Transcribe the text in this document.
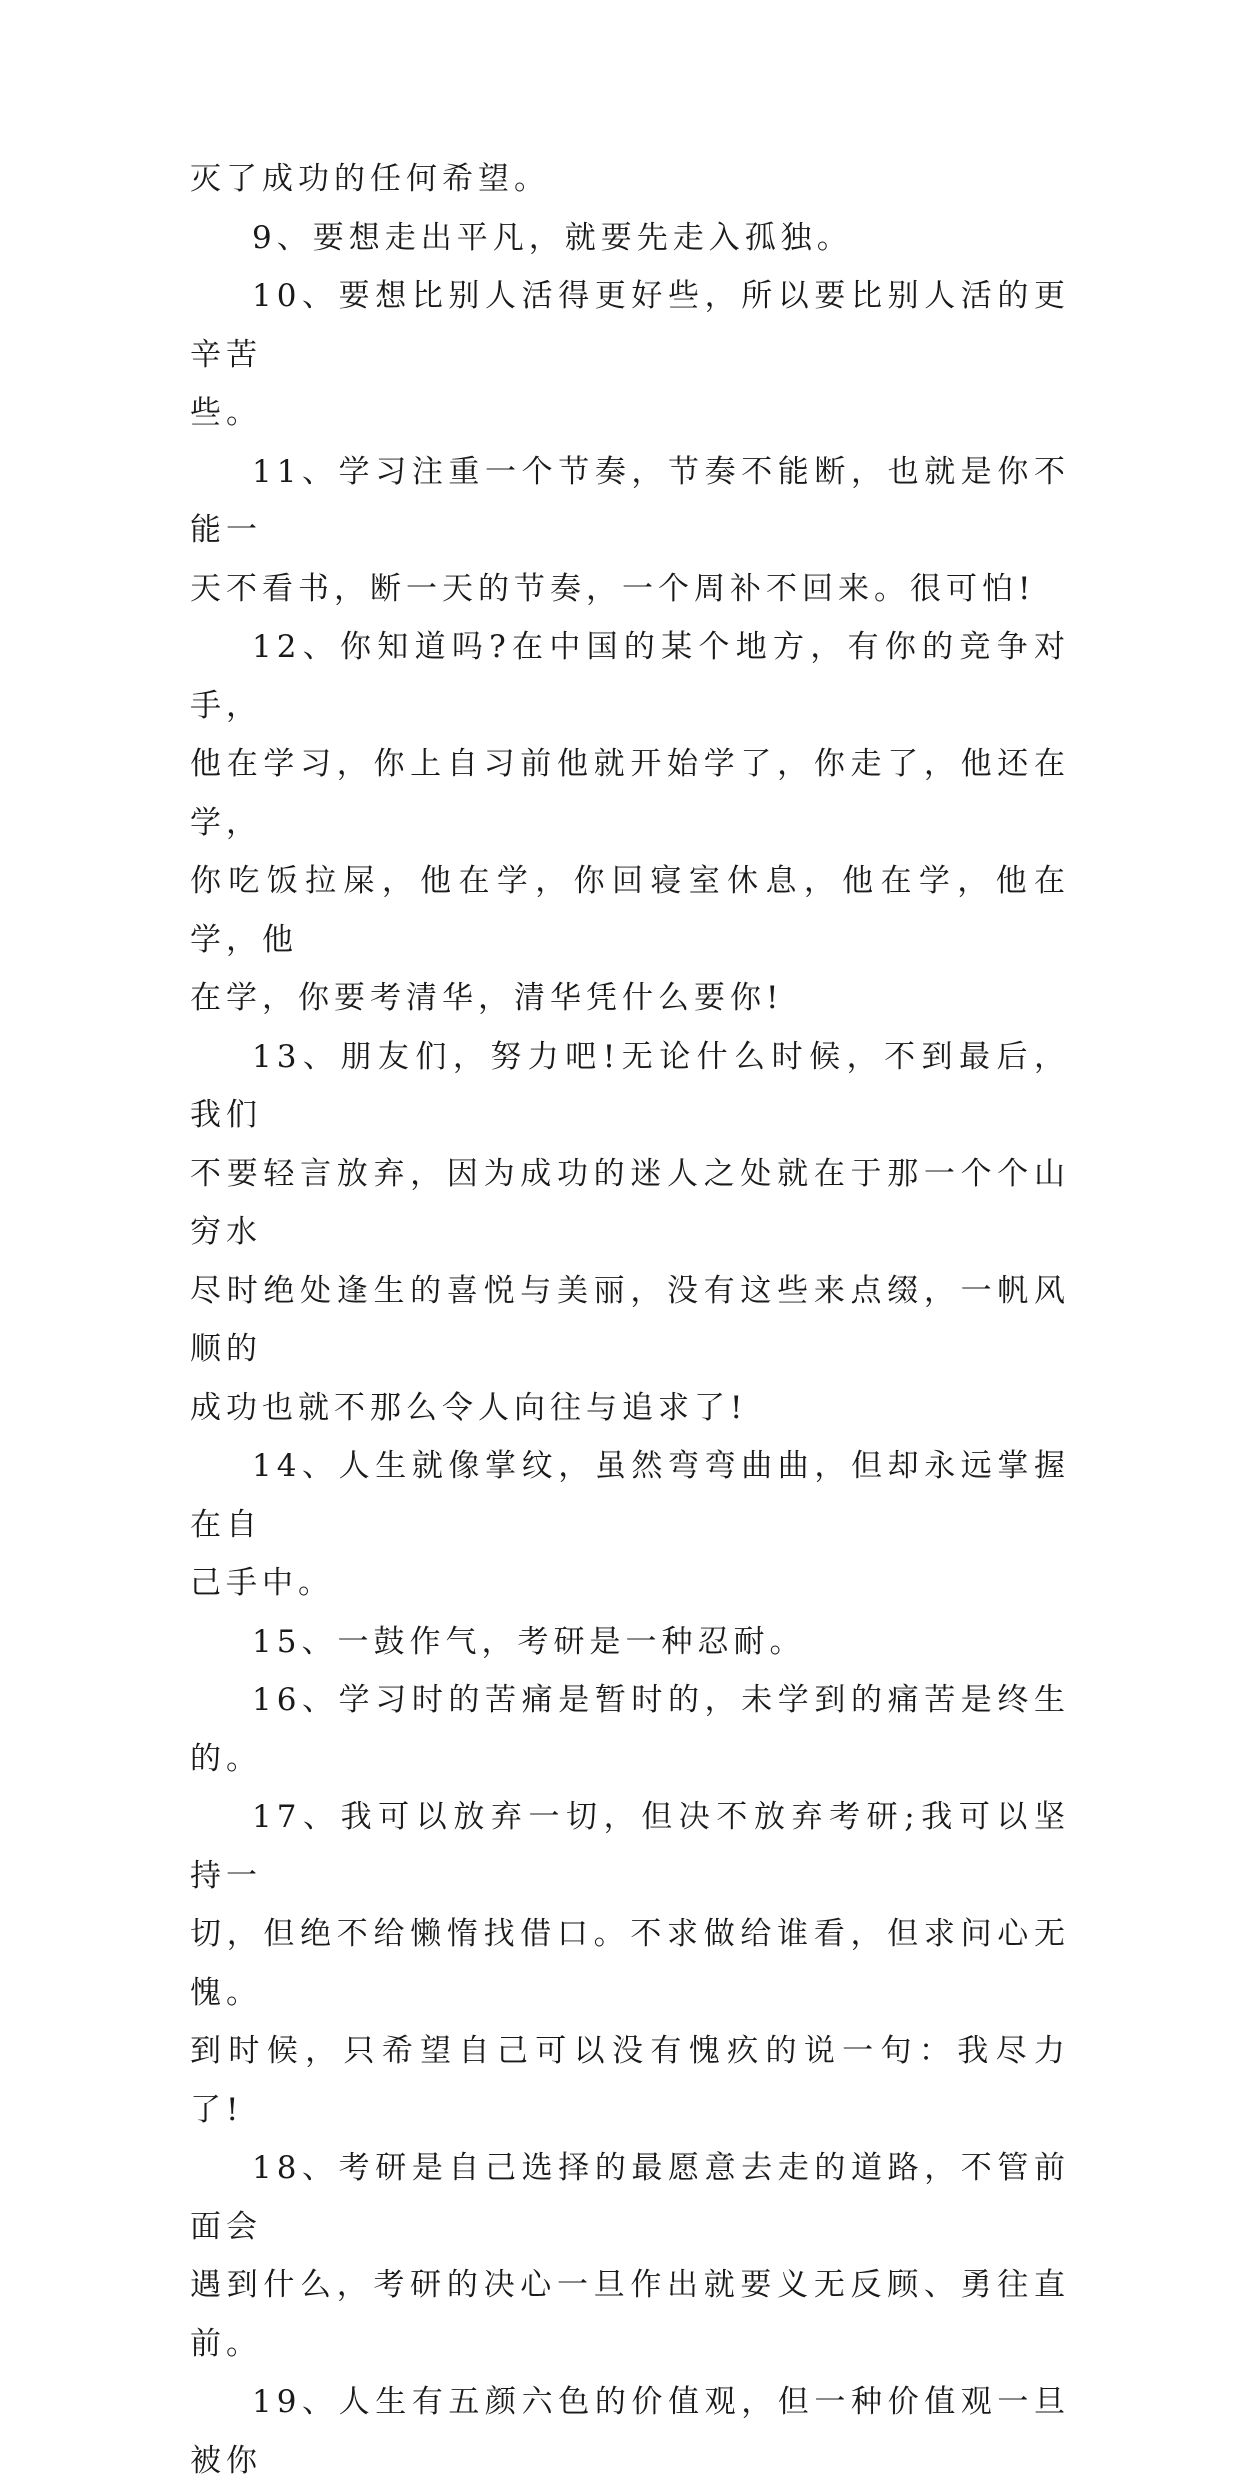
灭了成功的任何希望。

9、要想走出平凡，就要先走入孤独。

10、要想比别人活得更好些，所以要比别人活的更辛苦
些。

11、学习注重一个节奏，节奏不能断，也就是你不能一
天不看书，断一天的节奏，一个周补不回来。很可怕!

12、你知道吗?在中国的某个地方，有你的竞争对手，
他在学习，你上自习前他就开始学了，你走了，他还在学，
你吃饭拉屎，他在学，你回寝室休息，他在学，他在学，他
在学，你要考清华，清华凭什么要你!

13、朋友们，努力吧!无论什么时候，不到最后，我们
不要轻言放弃，因为成功的迷人之处就在于那一个个山穷水
尽时绝处逢生的喜悦与美丽，没有这些来点缀，一帆风顺的
成功也就不那么令人向往与追求了!

14、人生就像掌纹，虽然弯弯曲曲，但却永远掌握在自
己手中。

15、一鼓作气，考研是一种忍耐。

16、学习时的苦痛是暂时的，未学到的痛苦是终生的。

17、我可以放弃一切，但决不放弃考研;我可以坚持一
切，但绝不给懒惰找借口。不求做给谁看，但求问心无愧。
到时候，只希望自己可以没有愧疚的说一句：我尽力了!

18、考研是自己选择的最愿意去走的道路，不管前面会
遇到什么，考研的决心一旦作出就要义无反顾、勇往直前。

19、人生有五颜六色的价值观，但一种价值观一旦被你
